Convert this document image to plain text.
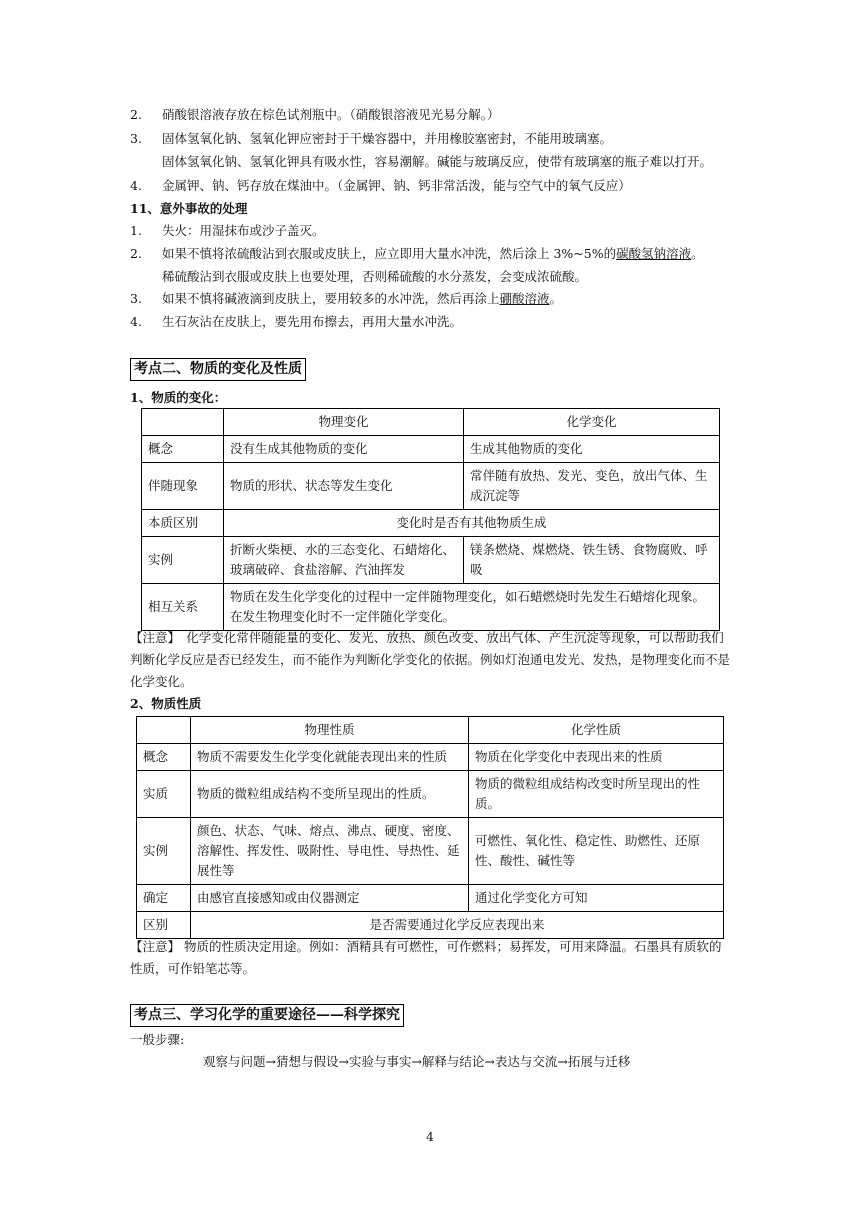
2.	硝酸银溶液存放在棕色试剂瓶中。（硝酸银溶液见光易分解。）
3.	固体氢氧化钠、氢氧化钾应密封于干燥容器中，并用橡胶塞密封，不能用玻璃塞。
固体氢氧化钠、氢氧化钾具有吸水性，容易潮解。碱能与玻璃反应，使带有玻璃塞的瓶子难以打开。
4.	金属钾、钠、钙存放在煤油中。（金属钾、钠、钙非常活泼，能与空气中的氧气反应）
11、意外事故的处理
1.	失火：用湿抹布或沙子盖灭。
2.	如果不慎将浓硫酸沾到衣服或皮肤上，应立即用大量水冲洗，然后涂上 3%~5%的碳酸氢钠溶液。
稀硫酸沾到衣服或皮肤上也要处理，否则稀硫酸的水分蒸发，会变成浓硫酸。
3.	如果不慎将碱液滴到皮肤上，要用较多的水冲洗，然后再涂上硼酸溶液。
4.	生石灰沾在皮肤上，要先用布擦去，再用大量水冲洗。
考点二、物质的变化及性质
1、物质的变化：
	物理变化	化学变化
概念	没有生成其他物质的变化	生成其他物质的变化
伴随现象	物质的形状、状态等发生变化	常伴随有放热、发光、变色，放出气体、生成沉淀等
本质区别	变化时是否有其他物质生成	
实例	折断火柴梗、水的三态变化、石蜡熔化、玻璃破碎、食盐溶解、汽油挥发	镁条燃烧、煤燃烧、铁生锈、食物腐败、呼吸
相互关系	物质在发生化学变化的过程中一定伴随物理变化，如石蜡燃烧时先发生石蜡熔化现象。在发生物理变化时不一定伴随化学变化。	
【注意】　化学变化常伴随能量的变化、发光、放热、颜色改变、放出气体、产生沉淀等现象，可以帮助我们判断化学反应是否已经发生，而不能作为判断化学变化的依据。例如灯泡通电发光、发热，是物理变化而不是化学变化。
2、物质性质
	物理性质	化学性质
概念	物质不需要发生化学变化就能表现出来的性质	物质在化学变化中表现出来的性质
实质	物质的微粒组成结构不变所呈现出的性质。	物质的微粒组成结构改变时所呈现出的性质。
实例	颜色、状态、气味、熔点、沸点、硬度、密度、溶解性、挥发性、吸附性、导电性、导热性、延展性等	可燃性、氧化性、稳定性、助燃性、还原性、酸性、碱性等
确定	由感官直接感知或由仪器测定	通过化学变化方可知
区别	是否需要通过化学反应表现出来	
【注意】 物质的性质决定用途。例如：酒精具有可燃性，可作燃料；易挥发，可用来降温。石墨具有质软的性质，可作铅笔芯等。
考点三、学习化学的重要途径——科学探究
一般步骤:
观察与问题→猜想与假设→实验与事实→解释与结论→表达与交流→拓展与迁移
4
